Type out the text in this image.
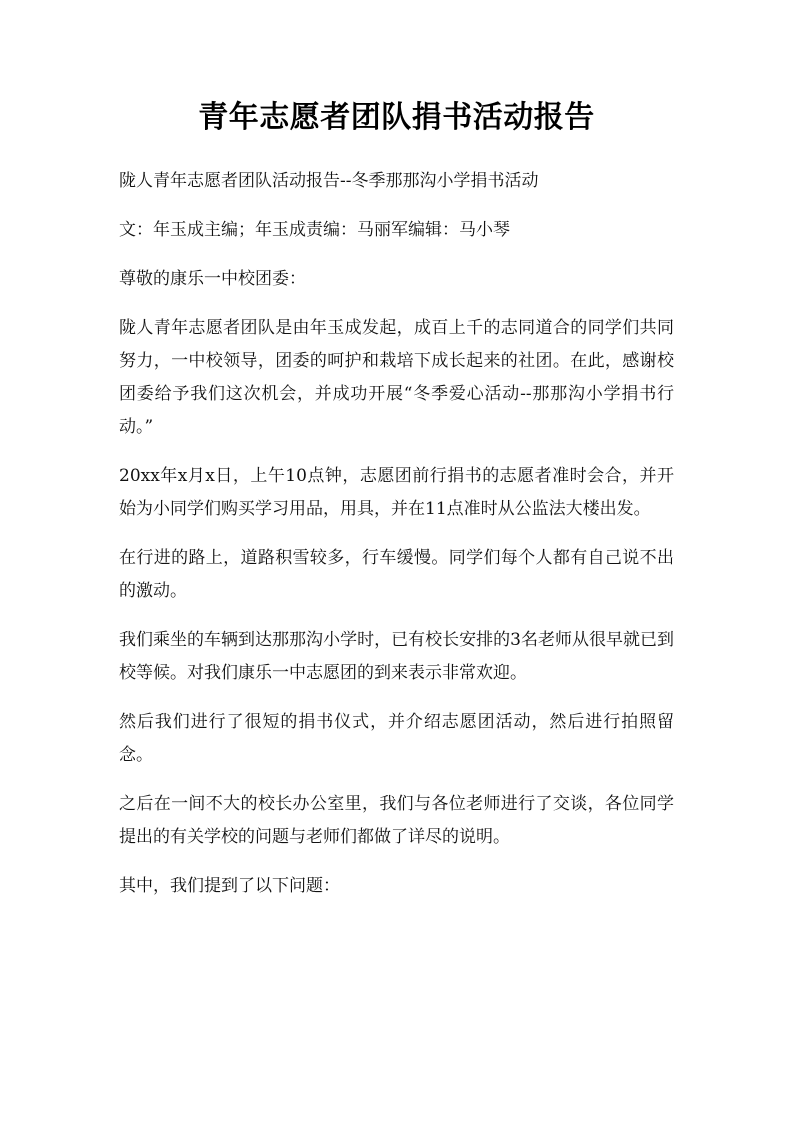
青年志愿者团队捐书活动报告

陇人青年志愿者团队活动报告--冬季那那沟小学捐书活动

文：年玉成主编；年玉成责编：马丽军编辑：马小琴

尊敬的康乐一中校团委：

陇人青年志愿者团队是由年玉成发起，成百上千的志同道合的同学们共同努力，一中校领导，团委的呵护和栽培下成长起来的社团。在此，感谢校团委给予我们这次机会，并成功开展“冬季爱心活动--那那沟小学捐书行动。”

20xx年x月x日，上午10点钟，志愿团前行捐书的志愿者准时会合，并开始为小同学们购买学习用品，用具，并在11点准时从公监法大楼出发。

在行进的路上，道路积雪较多，行车缓慢。同学们每个人都有自己说不出的激动。

我们乘坐的车辆到达那那沟小学时，已有校长安排的3名老师从很早就已到校等候。对我们康乐一中志愿团的到来表示非常欢迎。

然后我们进行了很短的捐书仪式，并介绍志愿团活动，然后进行拍照留念。

之后在一间不大的校长办公室里，我们与各位老师进行了交谈，各位同学提出的有关学校的问题与老师们都做了详尽的说明。

其中，我们提到了以下问题：
